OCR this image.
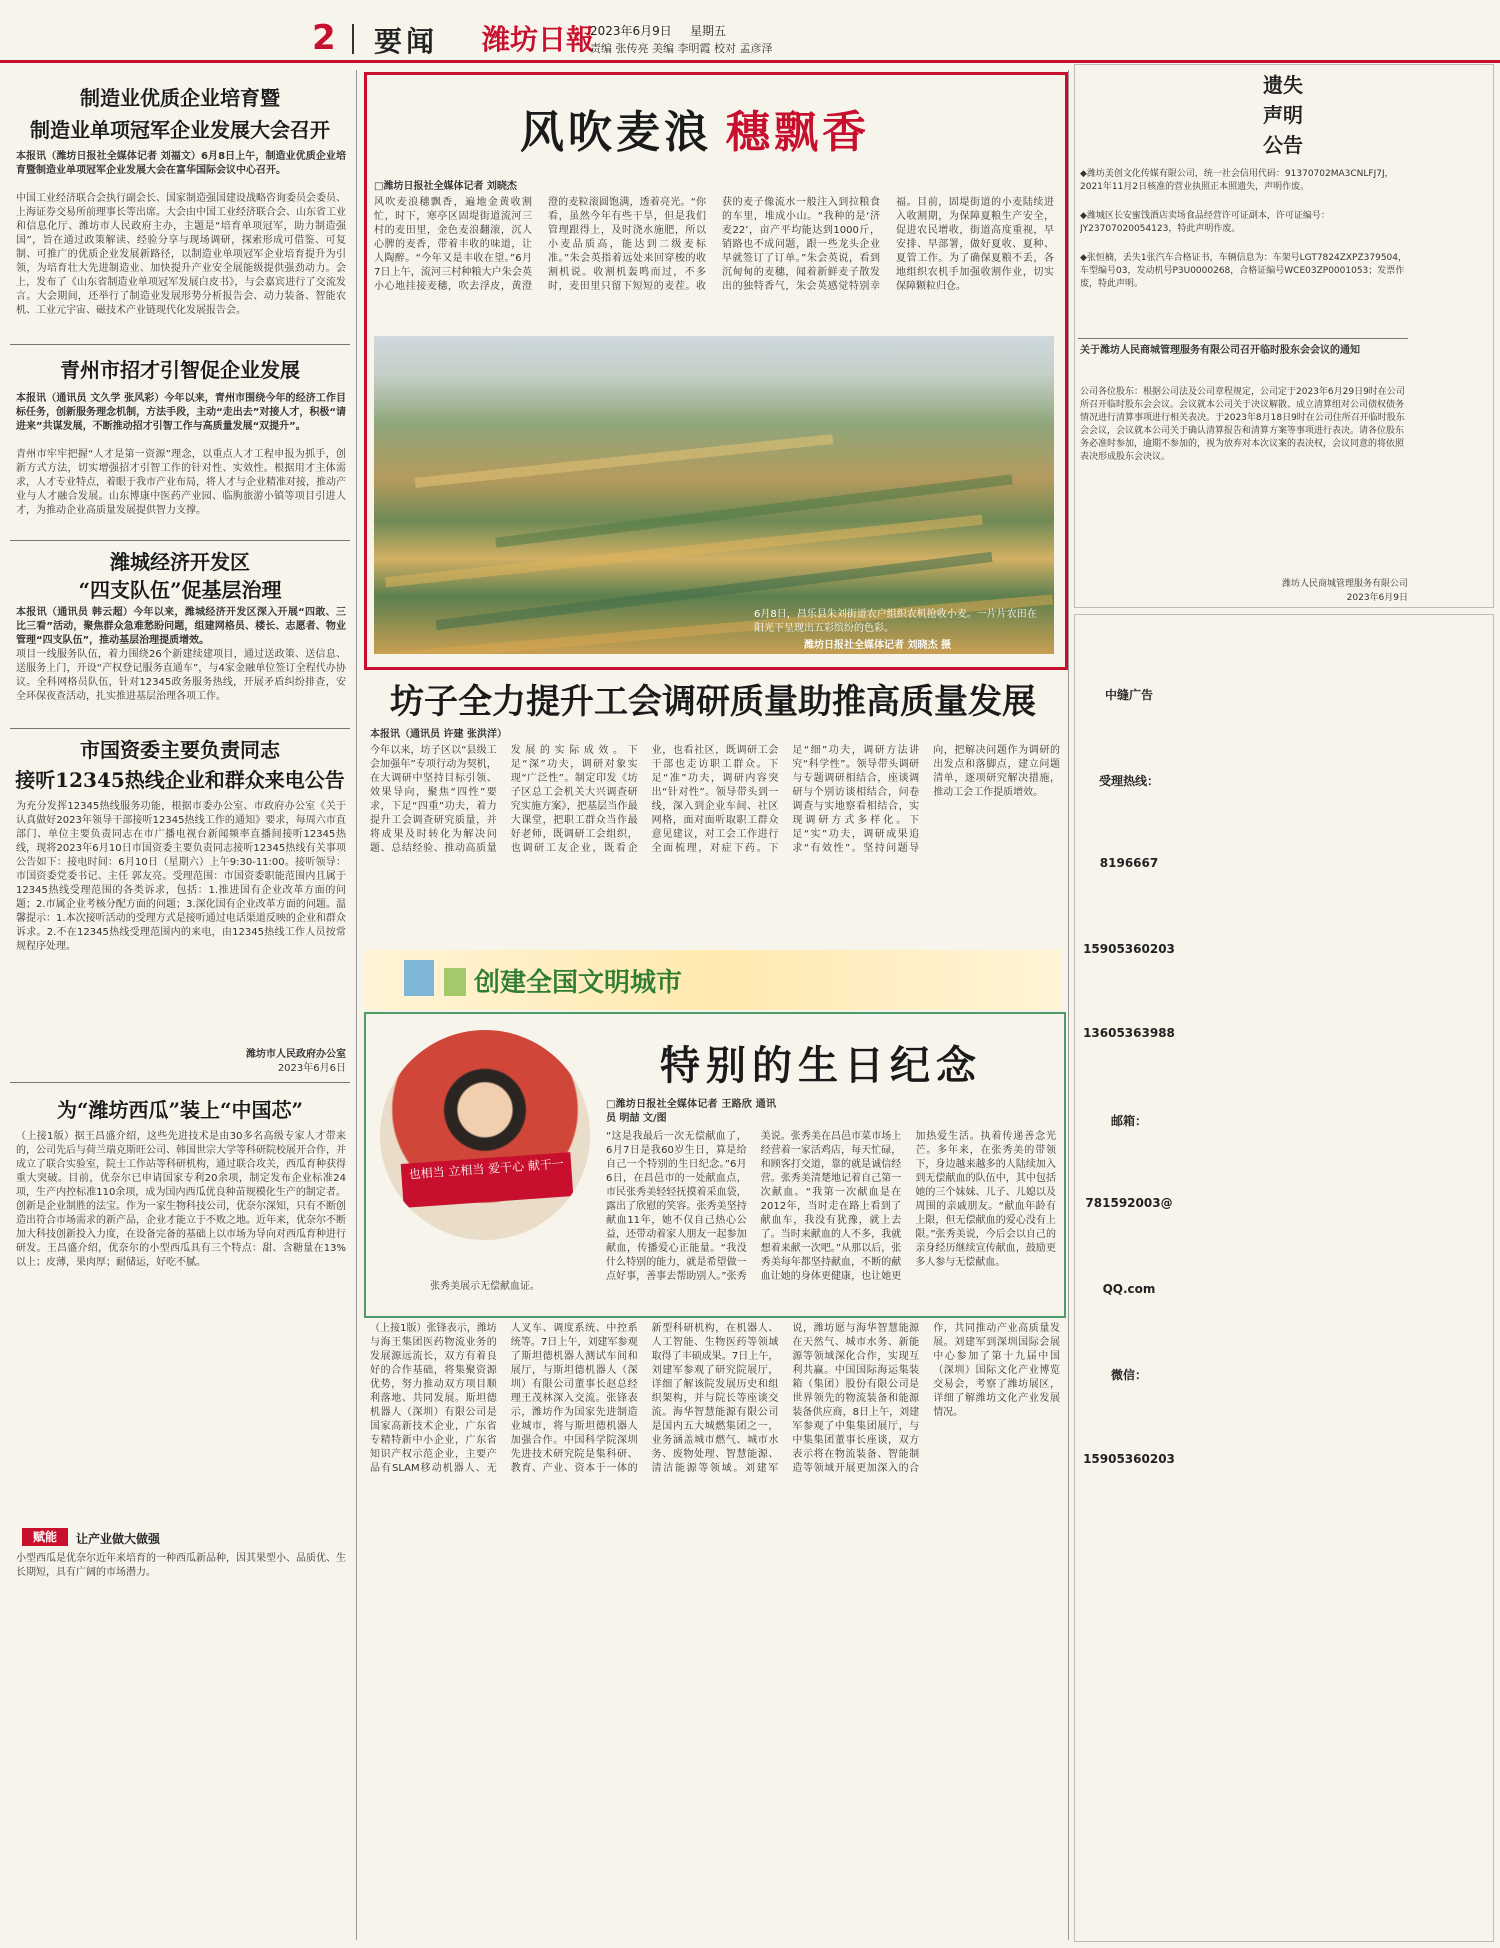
2 要闻 潍坊日報
2023年6月9日 星期五
责编 张传亮 美编 李明霞 校对 孟彦泽
制造业优质企业培育暨
制造业单项冠军企业发展大会召开
本报讯（潍坊日报社全媒体记者 刘福文）6月8日上午，制造业优质企业培育暨制造业单项冠军企业发展大会在富华国际会议中心召开。
中国工业经济联合会执行副会长、国家制造强国建设战略咨询委员会委员、上海证券交易所前理事长等出席。大会由中国工业经济联合会、山东省工业和信息化厅、潍坊市人民政府主办，主题是“培育单项冠军，助力制造强国”，旨在通过政策解读、经验分享与现场调研，探索形成可借鉴、可复制、可推广的优质企业发展新路径，以制造业单项冠军企业培育提升为引领，为培育壮大先进制造业、加快提升产业安全展能级提供强劲动力。会上，发布了《山东省制造业单项冠军发展白皮书》，与会嘉宾进行了交流发言。大会期间，还举行了制造业发展形势分析报告会、动力装备、智能农机、工业元宇宙、磁技术产业链现代化发展报告会。
青州市招才引智促企业发展
本报讯（通讯员 文久学 张风彩）今年以来，青州市围绕今年的经济工作目标任务，创新服务理念机制，方法手段，主动“走出去”对接人才，积极“请进来”共谋发展，不断推动招才引智工作与高质量发展“双提升”。
青州市牢牢把握“人才是第一资源”理念，以重点人才工程申报为抓手，创新方式方法，切实增强招才引智工作的针对性、实效性。根据用才主体需求，人才专业特点，着眼于我市产业布局，将人才与企业精准对接，推动产业与人才融合发展。山东博康中医药产业园、临朐旅游小镇等项目引进人才，为推动企业高质量发展提供智力支撑。
潍城经济开发区
“四支队伍”促基层治理
本报讯（通讯员 韩云超）今年以来，潍城经济开发区深入开展“四敢、三比三看”活动，聚焦群众急难愁盼问题，组建网格员、楼长、志愿者、物业管理“四支队伍”，推动基层治理提质增效。
项目一线服务队伍，着力围绕26个新建续建项目，通过送政策、送信息、送服务上门，开设“产权登记服务直通车”，与4家金融单位签订全程代办协议。全科网格员队伍，针对12345政务服务热线，开展矛盾纠纷排查，安全环保夜查活动，扎实推进基层治理各项工作。
市国资委主要负责同志
接听12345热线企业和群众来电公告
为充分发挥12345热线服务功能，根据市委办公室、市政府办公室《关于认真做好2023年领导干部接听12345热线工作的通知》要求，每周六市直部门、单位主要负责同志在市广播电视台新闻频率直播间接听12345热线，现将2023年6月10日市国资委主要负责同志接听12345热线有关事项公告如下：接电时间：6月10日（星期六）上午9:30-11:00。接听领导：市国资委党委书记、主任 郭友亮。受理范围：市国资委职能范围内且属于12345热线受理范围的各类诉求，包括：1.推进国有企业改革方面的问题；2.市属企业考核分配方面的问题；3.深化国有企业改革方面的问题。温馨提示：1.本次接听活动的受理方式是接听通过电话渠道反映的企业和群众诉求。2.不在12345热线受理范围内的来电，由12345热线工作人员按常规程序处理。
潍坊市人民政府办公室
2023年6月6日
为“潍坊西瓜”装上“中国芯”
（上接1版）据王昌盛介绍，这些先进技术是由30多名高级专家人才带来的，公司先后与荷兰瑞克斯旺公司、韩国世宗大学等科研院校展开合作，并成立了联合实验室，院士工作站等科研机构，通过联合攻关，西瓜育种获得重大突破。目前，优奈尔已申请国家专利20余项，制定发布企业标准24项，生产内控标准110余项，成为国内西瓜优良种苗规模化生产的制定者。创新是企业制胜的法宝。作为一家生物科技公司，优奈尔深知，只有不断创造出符合市场需求的新产品，企业才能立于不败之地。近年来，优奈尔不断加大科技创新投入力度，在设备完备的基础上以市场为导向对西瓜育种进行研发。王昌盛介绍，优奈尔的小型西瓜具有三个特点：甜、含糖量在13%以上；皮薄，果肉厚；耐储运，好吃不腻。
赋能	让产业做大做强
小型西瓜是优奈尔近年来培育的一种西瓜新品种，因其果型小、品质优、生长期短，具有广阔的市场潜力。
风吹麦浪 穗飘香
□潍坊日报社全媒体记者 刘晓杰
风吹麦浪穗飘香，遍地金黄收割忙，时下，寒亭区固堤街道流河三村的麦田里，金色麦浪翻滚，沉人心脾的麦香，带着丰收的味道，让人陶醉。“今年又是丰收在望。”6月7日上午，流河三村种粮大户朱会英小心地挂接麦穗，吹去浮皮，黄澄澄的麦粒滚圆饱满，透着亮光。“你看，虽然今年有些干旱，但是我们管理跟得上，及时浇水施肥，所以小麦品质高，能达到二级麦标准。”朱会英指着远处来回穿梭的收割机说。收割机轰鸣而过，不多时，麦田里只留下短短的麦茬。收获的麦子像流水一般注入到拉粮食的车里，堆成小山。“我种的是‘济麦22’，亩产平均能达到1000斤，销路也不成问题，跟一些龙头企业早就签订了订单。”朱会英说，看到沉甸甸的麦穗，闻着新鲜麦子散发出的独特香气，朱会英感觉特别幸福。目前，固堤街道的小麦陆续进入收割期，为保障夏粮生产安全，促进农民增收，街道高度重视，早安排、早部署，做好夏收、夏种、夏管工作。为了确保夏粮不丢，各地组织农机手加强收割作业，切实保障颗粒归仓。
6月8日，昌乐县朱刘街道农户组织农机抢收小麦。一片片农田在阳光下呈现出五彩缤纷的色彩。
潍坊日报社全媒体记者 刘晓杰 摄
坊子全力提升工会调研质量助推高质量发展
本报讯（通讯员 许建 张洪洋）
今年以来，坊子区以“县级工会加强年”专项行动为契机，在大调研中坚持目标引领、效果导向，聚焦“四性”要求，下足“四重”功夫，着力提升工会调查研究质量，并将成果及时转化为解决问题、总结经验、推动高质量发展的实际成效。下足“深”功夫，调研对象实现“广泛性”。制定印发《坊子区总工会机关大兴调查研究实施方案》，把基层当作最大课堂，把职工群众当作最好老师，既调研工会组织，也调研工友企业，既看企业，也看社区，既调研工会干部也走访职工群众。下足“准”功夫，调研内容突出“针对性”。领导带头到一线，深入到企业车间、社区网格，面对面听取职工群众意见建议，对工会工作进行全面梳理，对症下药。下足“细”功夫，调研方法讲究“科学性”。领导带头调研与专题调研相结合，座谈调研与个别访谈相结合，问卷调查与实地察看相结合，实现调研方式多样化。下足“实”功夫，调研成果追求“有效性”。坚持问题导向，把解决问题作为调研的出发点和落脚点，建立问题清单，逐项研究解决措施，推动工会工作提质增效。
创建全国文明城市
特别的生日纪念
也相当 立相当 爱干心 献干一
张秀美展示无偿献血证。
□潍坊日报社全媒体记者 王路欣 通讯员 明喆 文/图
“这是我最后一次无偿献血了，6月7日是我60岁生日，算是给自己一个特别的生日纪念。”6月6日，在昌邑市的一处献血点，市民张秀美轻轻抚摸着采血袋，露出了欣慰的笑容。张秀美坚持献血11年，她不仅自己热心公益，还带动着家人朋友一起参加献血，传播爱心正能量。“我没什么特别的能力，就是希望做一点好事，善事去帮助别人。”张秀美说。张秀美在昌邑市菜市场上经营着一家活鸡店，每天忙碌，和顾客打交道，靠的就是诚信经营。张秀美清楚地记着自己第一次献血。“我第一次献血是在2012年，当时走在路上看到了献血车，我没有犹豫，就上去了。当时来献血的人不多，我就想着来献一次吧。”从那以后，张秀美每年都坚持献血，不断的献血让她的身体更健康，也让她更加热爱生活。执着传递善念光芒。多年来，在张秀美的带领下，身边越来越多的人陆续加入到无偿献血的队伍中，其中包括她的三个妹妹、儿子、儿媳以及周围的亲戚朋友。“献血年龄有上限，但无偿献血的爱心没有上限。”张秀美说，今后会以自己的亲身经历继续宣传献血，鼓励更多人参与无偿献血。
（上接1版）张锋表示，潍坊与海王集团医药物流业务的发展源远流长，双方有着良好的合作基础，将集聚资源优势，努力推动双方项目顺利落地、共同发展。斯坦德机器人（深圳）有限公司是国家高新技术企业，广东省专精特新中小企业，广东省知识产权示范企业，主要产品有SLAM移动机器人、无人叉车、调度系统、中控系统等。7日上午，刘建军参观了斯坦德机器人测试车间和展厅，与斯坦德机器人（深圳）有限公司董事长赵总经理王茂林深入交流。张锋表示，潍坊作为国家先进制造业城市，将与斯坦德机器人加强合作。中国科学院深圳先进技术研究院是集科研、教育、产业、资本于一体的新型科研机构，在机器人、人工智能、生物医药等领域取得了丰硕成果。7日上午，刘建军参观了研究院展厅，详细了解该院发展历史和组织架构，并与院长等座谈交流。海华智慧能源有限公司是国内五大城燃集团之一，业务涵盖城市燃气、城市水务、废物处理、智慧能源、清洁能源等领域。刘建军说，潍坊愿与海华智慧能源在天然气、城市水务、新能源等领域深化合作，实现互利共赢。中国国际海运集装箱（集团）股份有限公司是世界领先的物流装备和能源装备供应商，8日上午，刘建军参观了中集集团展厅，与中集集团董事长座谈，双方表示将在物流装备、智能制造等领域开展更加深入的合作，共同推动产业高质量发展。刘建军到深圳国际会展中心参加了第十九届中国（深圳）国际文化产业博览交易会，考察了潍坊展区，详细了解潍坊文化产业发展情况。
遗失
声明
公告
◆潍坊美创文化传媒有限公司，统一社会信用代码：91370702MA3CNLFJ7J，2021年11月2日核准的营业执照正本照遗失，声明作废。
◆潍城区长安蜜饯酒店卖场食品经营许可证副本，许可证编号：JY23707020054123，特此声明作废。
◆张恒楠，丢失1张汽车合格证书，车辆信息为：车架号LGT7824ZXPZ379504，车型编号03，发动机号P3U0000268，合格证编号WCE03ZP0001053；发票作废，特此声明。
关于潍坊人民商城管理服务有限公司召开临时股东会会议的通知
公司各位股东：根据公司法及公司章程规定，公司定于2023年6月29日9时在公司所召开临时股东会会议。会议就本公司关于决议解散、成立清算组对公司债权债务情况进行清算事项进行相关表决。于2023年8月18日9时在公司住所召开临时股东会会议，会议就本公司关于确认清算报告和清算方案等事项进行表决。请各位股东务必准时参加，逾期不参加的，视为放弃对本次议案的表决权，会议同意的将依照表决形成股东会决议。
潍坊人民商城管理服务有限公司
2023年6月9日
中缝广告
受理热线：
8196667
15905360203
13605363988
邮箱：
781592003@
QQ.com
微信：
15905360203
